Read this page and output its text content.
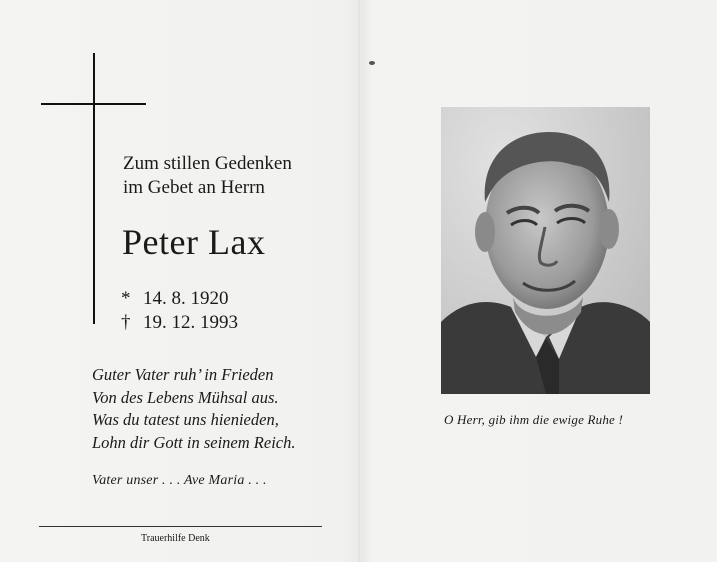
Zum stillen Gedenken
im Gebet an Herrn
Peter Lax
* 14. 8. 1920
† 19. 12. 1993
Guter Vater ruh’ in Frieden
Von des Lebens Mühsal aus.
Was du tatest uns hienieden,
Lohn dir Gott in seinem Reich.
Vater unser . . . Ave Maria . . .
Trauerhilfe Denk
O Herr, gib ihm die ewige Ruhe !
